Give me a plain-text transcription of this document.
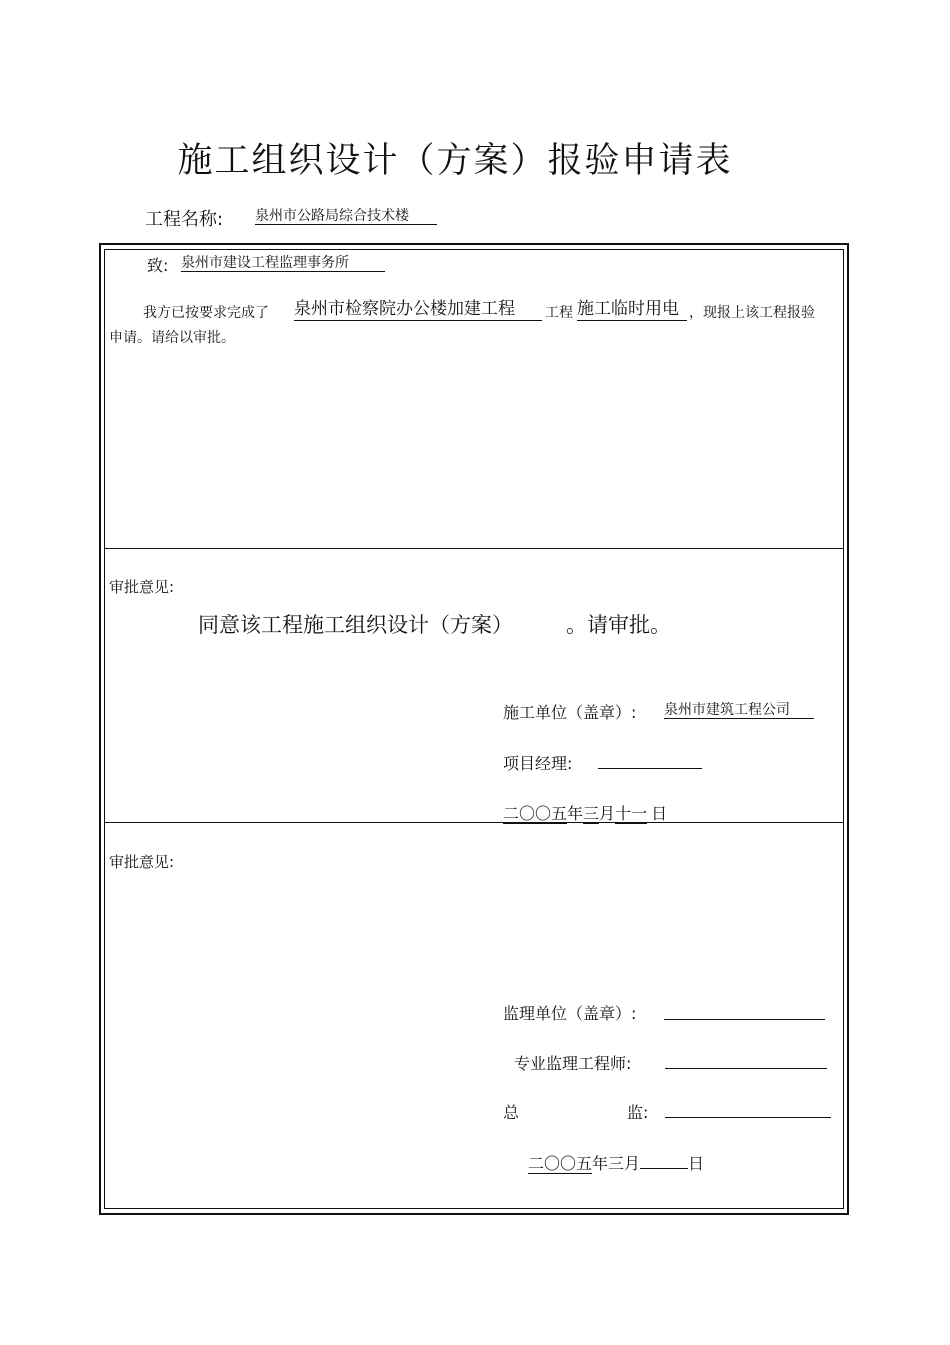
施工组织设计（方案）报验申请表
工程名称: 泉州市公路局综合技术楼
致: 泉州市建设工程监理事务所
我方已按要求完成了 泉州市检察院办公楼加建工程	工程 施工临时用电 ，现报上该工程报验
申请。请给以审批。
审批意见:
同意该工程施工组织设计（方案）	。请审批。
施工单位（盖章）: 泉州市建筑工程公司
项目经理:
二〇〇五年三月十一 日
审批意见:
监理单位（盖章）:
专业监理工程师:
总	监:
二〇〇五年三月	日
